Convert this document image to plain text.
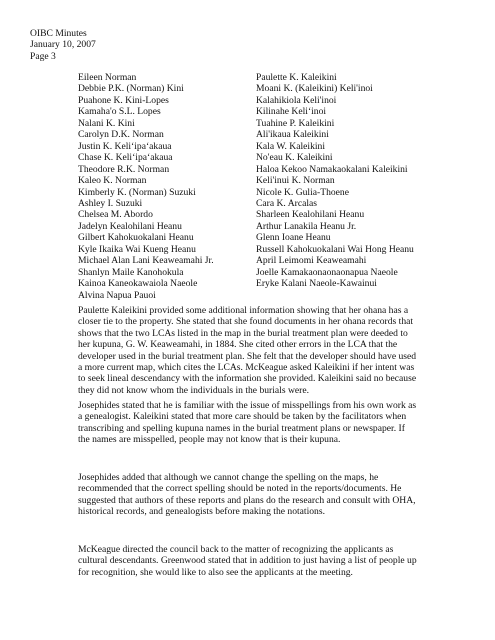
OIBC Minutes
January 10, 2007
Page 3
Eileen Norman	Paulette K. Kaleikini
Debbie P.K. (Norman) Kini	Moani K. (Kaleikini) Keli'inoi
Puahone K. Kini-Lopes	Kalahikiola Keli'inoi
Kamaha'o S.L. Lopes	Kilinahe Keli‘inoi
Nalani K. Kini	Tuahine P. Kaleikini
Carolyn D.K. Norman	Ali'ikaua Kaleikini
Justin K. Keli‘ipa‘akaua	Kala W. Kaleikini
Chase K. Keli‘ipa‘akaua	No'eau K. Kaleikini
Theodore R.K. Norman	Haloa Kekoo Namakaokalani Kaleikini
Kaleo K. Norman	Keli'inui K. Norman
Kimberly K. (Norman) Suzuki	Nicole K. Gulia-Thoene
Ashley I. Suzuki	Cara K. Arcalas
Chelsea M. Abordo	Sharleen Kealohilani Heanu
Jadelyn Kealohilani Heanu	Arthur Lanakila Heanu Jr.
Gilbert Kahokuokalani Heanu	Glenn Ioane Heanu
Kyle Ikaika Wai Kueng Heanu	Russell Kahokuokalani Wai Hong Heanu
Michael Alan Lani Keaweamahi Jr.	April Leimomi Keaweamahi
Shanlyn Maile Kanohokula	Joelle Kamakaonaonaonapua Naeole
Kainoa Kaneokawaiola Naeole	Eryke Kalani Naeole-Kawainui
Alvina Napua Pauoi
Paulette Kaleikini provided some additional information showing that her ohana has a
closer tie to the property. She stated that she found documents in her ohana records that
shows that the two LCAs listed in the map in the burial treatment plan were deeded to
her kupuna, G. W. Keaweamahi, in 1884. She cited other errors in the LCA that the
developer used in the burial treatment plan. She felt that the developer should have used
a more current map, which cites the LCAs. McKeague asked Kaleikini if her intent was
to seek lineal descendancy with the information she provided. Kaleikini said no because
they did not know whom the individuals in the burials were.
Josephides stated that he is familiar with the issue of misspellings from his own work as
a genealogist. Kaleikini stated that more care should be taken by the facilitators when
transcribing and spelling kupuna names in the burial treatment plans or newspaper. If
the names are misspelled, people may not know that is their kupuna.
Josephides added that although we cannot change the spelling on the maps, he
recommended that the correct spelling should be noted in the reports/documents. He
suggested that authors of these reports and plans do the research and consult with OHA,
historical records, and genealogists before making the notations.
McKeague directed the council back to the matter of recognizing the applicants as
cultural descendants. Greenwood stated that in addition to just having a list of people up
for recognition, she would like to also see the applicants at the meeting.
